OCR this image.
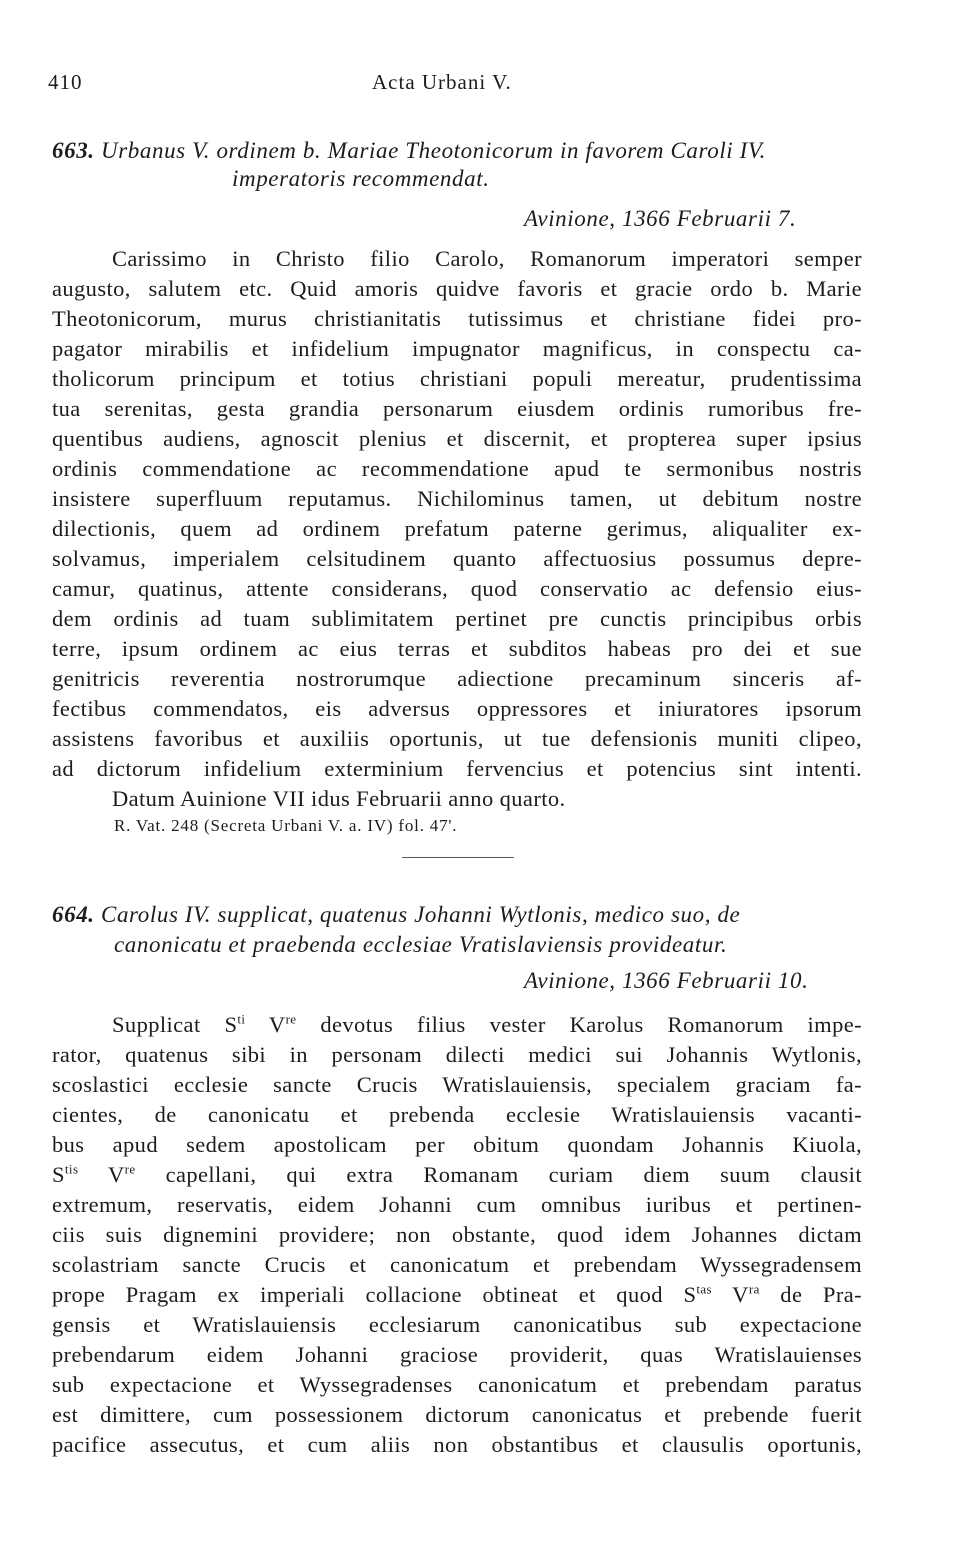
410	Acta Urbani V.
663. Urbanus V. ordinem b. Mariae Theotonicorum in favorem Caroli IV.
imperatoris recommendat.
Avinione, 1366 Februarii 7.
Carissimo in Christo filio Carolo, Romanorum imperatori semper
augusto, salutem etc. Quid amoris quidve favoris et gracie ordo b. Marie
Theotonicorum, murus christianitatis tutissimus et christiane fidei pro-
pagator mirabilis et infidelium impugnator magnificus, in conspectu ca-
tholicorum principum et totius christiani populi mereatur, prudentissima
tua serenitas, gesta grandia personarum eiusdem ordinis rumoribus fre-
quentibus audiens, agnoscit plenius et discernit, et propterea super ipsius
ordinis commendatione ac recommendatione apud te sermonibus nostris
insistere superfluum reputamus. Nichilominus tamen, ut debitum nostre
dilectionis, quem ad ordinem prefatum paterne gerimus, aliqualiter ex-
solvamus, imperialem celsitudinem quanto affectuosius possumus depre-
camur, quatinus, attente considerans, quod conservatio ac defensio eius-
dem ordinis ad tuam sublimitatem pertinet pre cunctis principibus orbis
terre, ipsum ordinem ac eius terras et subditos habeas pro dei et sue
genitricis reverentia nostrorumque adiectione precaminum sinceris af-
fectibus commendatos, eis adversus oppressores et iniuratores ipsorum
assistens favoribus et auxiliis oportunis, ut tue defensionis muniti clipeo,
ad dictorum infidelium exterminium fervencius et potencius sint intenti.
Datum Auinione VII idus Februarii anno quarto.
R. Vat. 248 (Secreta Urbani V. a. IV) fol. 47'.
664. Carolus IV. supplicat, quatenus Johanni Wytlonis, medico suo, de
canonicatu et praebenda ecclesiae Vratislaviensis provideatur.
Avinione, 1366 Februarii 10.
Supplicat $S^{ti}$ Vre devotus filius vester Karolus Romanorum impe-
rator, quatenus sibi in personam dilecti medici sui Johannis Wytlonis,
scoslastici ecclesie sancte Crucis Wratislauiensis, specialem graciam fa-
cientes, de canonicatu et prebenda ecclesie Wratislauiensis vacanti-
bus apud sedem apostolicam per obitum quondam Johannis Kiuola,
$S^{tis}$ Vre capellani, qui extra Romanam curiam diem suum clausit
extremum, reservatis, eidem Johanni cum omnibus iuribus et pertinen-
ciis suis dignemini providere; non obstante, quod idem Johannes dictam
scolastriam sancte Crucis et canonicatum et prebendam Wyssegradensem
prope Pragam ex imperiali collacione obtineat et quod $S^{tas}$ $V^{ra}$ de Pra-
gensis et Wratislauiensis ecclesiarum canonicatibus sub expectacione
prebendarum eidem Johanni graciose providerit, quas Wratislauienses
sub expectacione et Wyssegradenses canonicatum et prebendam paratus
est dimittere, cum possessionem dictorum canonicatus et prebende fuerit
pacifice assecutus, et cum aliis non obstantibus et clausulis oportunis,
